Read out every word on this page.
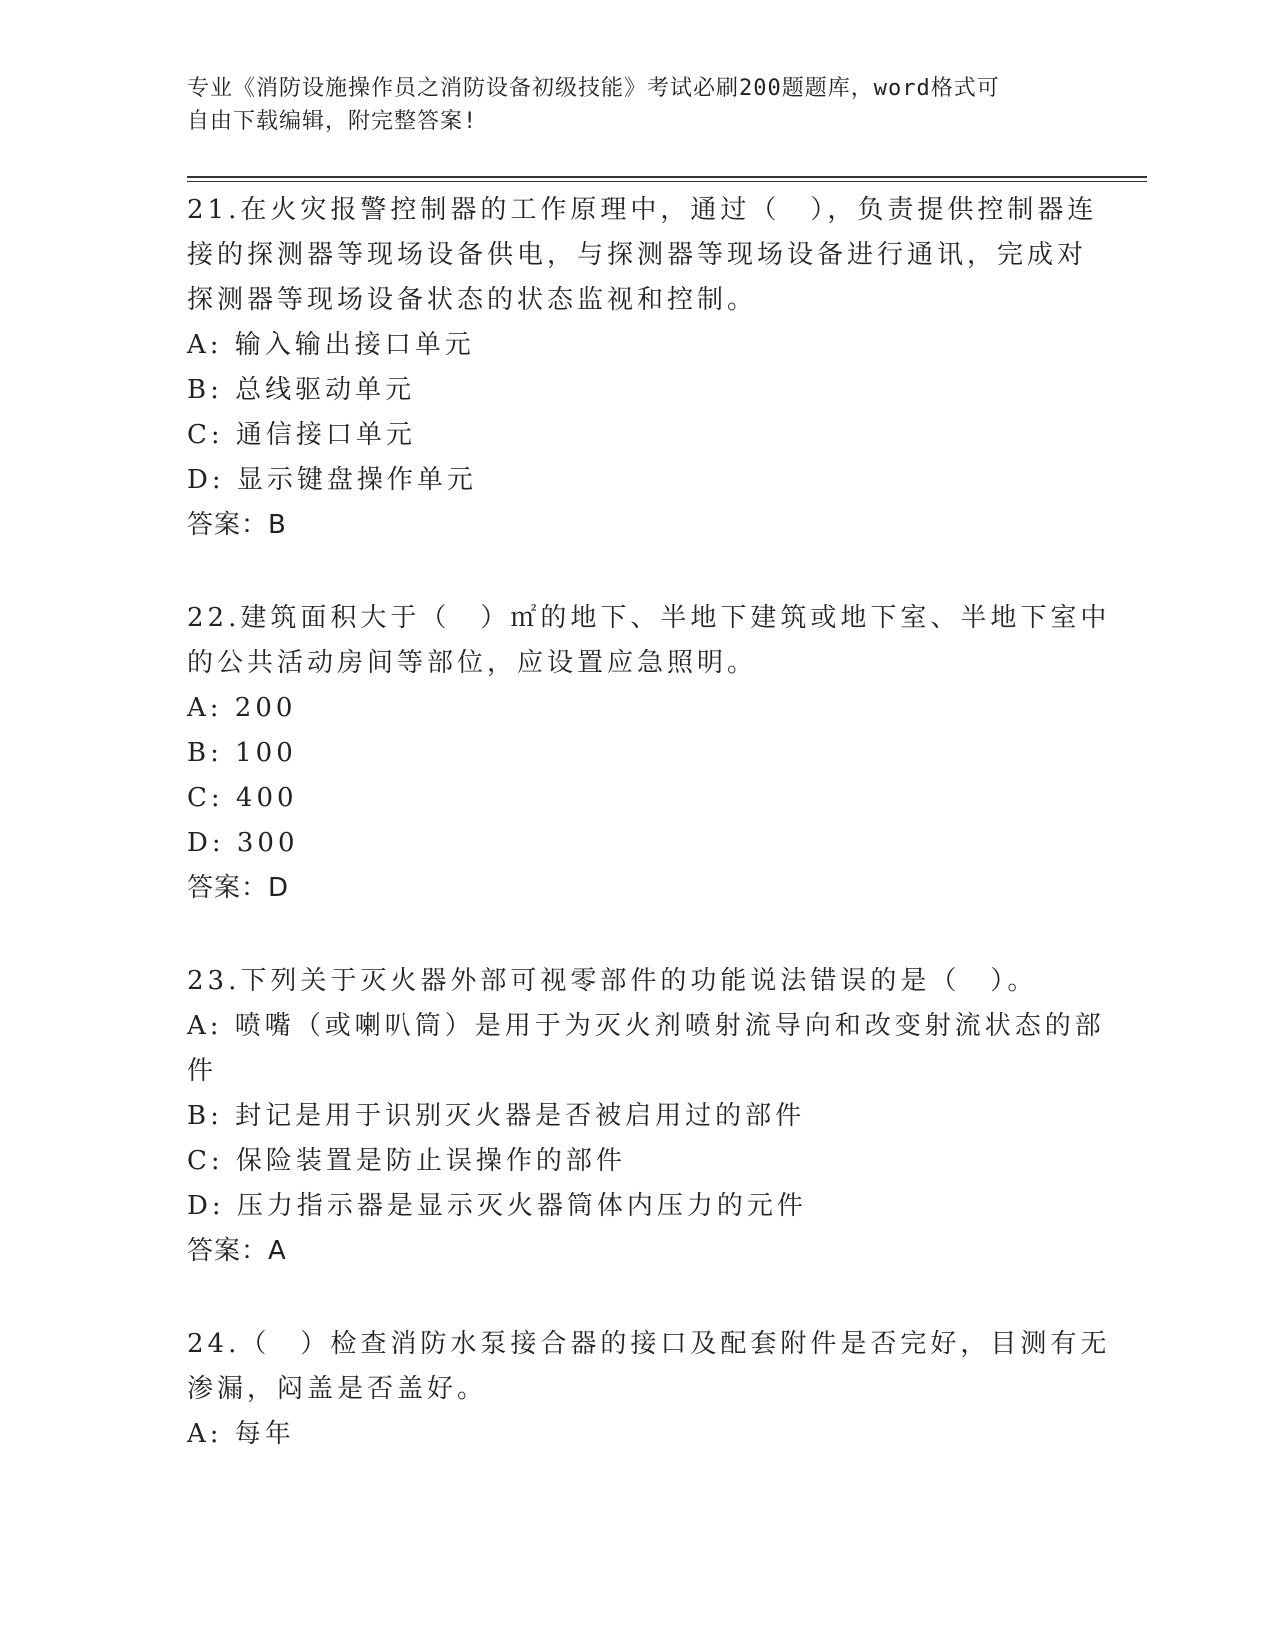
专业《消防设施操作员之消防设备初级技能》考试必刷200题题库，word格式可
自由下载编辑，附完整答案!
21.在火灾报警控制器的工作原理中，通过（　），负责提供控制器连
接的探测器等现场设备供电，与探测器等现场设备进行通讯，完成对
探测器等现场设备状态的状态监视和控制。
A: 输入输出接口单元
B: 总线驱动单元
C: 通信接口单元
D: 显示键盘操作单元
答案：B
22.建筑面积大于（　）㎡的地下、半地下建筑或地下室、半地下室中
的公共活动房间等部位，应设置应急照明。
A: 200
B: 100
C: 400
D: 300
答案：D
23.下列关于灭火器外部可视零部件的功能说法错误的是（　）。
A: 喷嘴（或喇叭筒）是用于为灭火剂喷射流导向和改变射流状态的部
件
B: 封记是用于识别灭火器是否被启用过的部件
C: 保险装置是防止误操作的部件
D: 压力指示器是显示灭火器筒体内压力的元件
答案：A
24.（　）检查消防水泵接合器的接口及配套附件是否完好，目测有无
渗漏，闷盖是否盖好。
A: 每年
